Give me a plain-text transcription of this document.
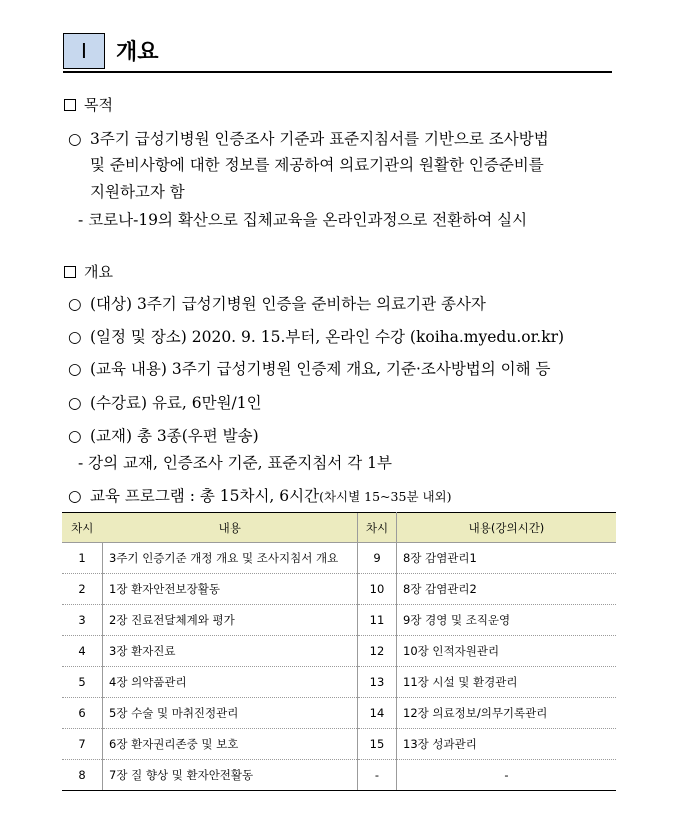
Ⅰ	개요
목적
○ 3주기 급성기병원 인증조사 기준과 표준지침서를 기반으로 조사방법
및 준비사항에 대한 정보를 제공하여 의료기관의 원활한 인증준비를
지원하고자 함
- 코로나-19의 확산으로 집체교육을 온라인과정으로 전환하여 실시
개요
○ (대상) 3주기 급성기병원 인증을 준비하는 의료기관 종사자
○ (일정 및 장소) 2020. 9. 15.부터, 온라인 수강 (koiha.myedu.or.kr)
○ (교육 내용) 3주기 급성기병원 인증제 개요, 기준·조사방법의 이해 등
○ (수강료) 유료, 6만원/1인
○ (교재) 총 3종(우편 발송)
- 강의 교재, 인증조사 기준, 표준지침서 각 1부
○ 교육 프로그램 : 총 15차시, 6시간(차시별 15~35분 내외)
차시	내용	차시	내용(강의시간)
1	3주기 인증기준 개정 개요 및 조사지침서 개요	9	8장 감염관리1
2	1장 환자안전보장활동	10	8장 감염관리2
3	2장 진료전달체계와 평가	11	9장 경영 및 조직운영
4	3장 환자진료	12	10장 인적자원관리
5	4장 의약품관리	13	11장 시설 및 환경관리
6	5장 수술 및 마취진정관리	14	12장 의료정보/의무기록관리
7	6장 환자권리존중 및 보호	15	13장 성과관리
8	7장 질 향상 및 환자안전활동	-	-
